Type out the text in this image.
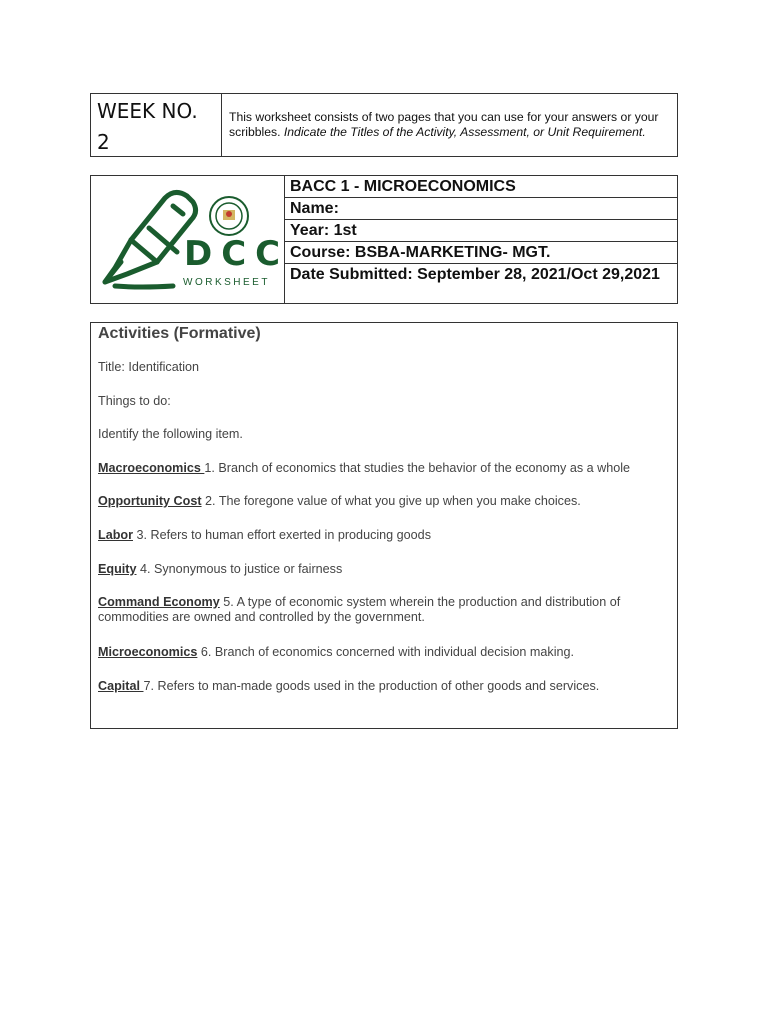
WEEK NO. 2
This worksheet consists of two pages that you can use for your answers or your scribbles. Indicate the Titles of the Activity, Assessment, or Unit Requirement.
DCC
WORKSHEET
BACC 1 - MICROECONOMICS
Name:
Year: 1st
Course: BSBA-MARKETING- MGT.
Date Submitted: September 28, 2021/Oct 29,2021
Activities (Formative)
Title: Identification
Things to do:
Identify the following item.
Macroeconomics 1. Branch of economics that studies the behavior of the economy as a whole
Opportunity Cost 2. The foregone value of what you give up when you make choices.
Labor 3. Refers to human effort exerted in producing goods
Equity 4. Synonymous to justice or fairness
Command Economy 5. A type of economic system wherein the production and distribution of commodities are owned and controlled by the government.
Microeconomics 6. Branch of economics concerned with individual decision making.
Capital 7. Refers to man-made goods used in the production of other goods and services.
